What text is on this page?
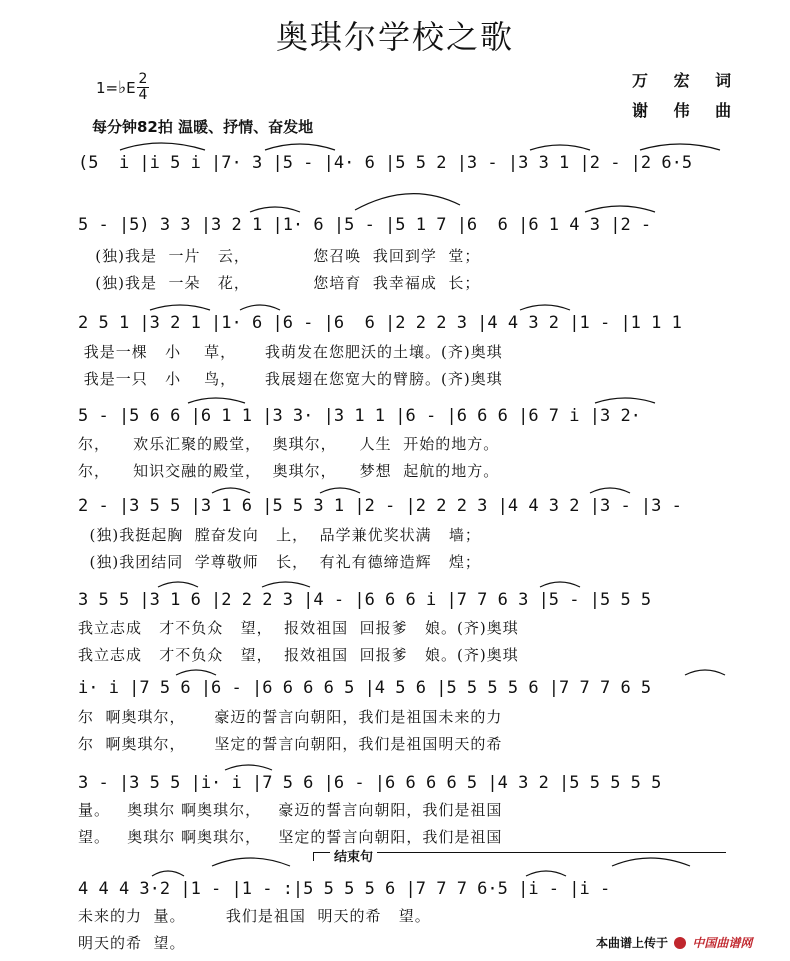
奥琪尔学校之歌
万 宏 词
谢 伟 曲
1=♭E 2
4
每分钟82拍 温暖、抒情、奋发地
(5  i |i 5 i |7· 3 |5 - |4· 6 |5 5 2 |3 - |3 3 1 |2 - |2 6·5
5 - |5) 3 3 |3 2 1 |1· 6 |5 - |5 1 7 |6  6 |6 1 4 3 |2 -
(独)我是  一片   云，           您召唤  我回到学  堂；
(独)我是  一朵   花，           您培育  我幸福成  长；
2 5 1 |3 2 1 |1· 6 |6 - |6  6 |2 2 2 3 |4 4 3 2 |1 - |1 1 1
我是一棵   小    草，     我萌发在您肥沃的土壤。(齐)奥琪
我是一只   小    鸟，     我展翅在您宽大的臂膀。(齐)奥琪
5 - |5 6 6 |6 1 1 |3 3· |3 1 1 |6 - |6 6 6 |6 7 i |3 2·
尔，    欢乐汇聚的殿堂，  奥琪尔，    人生  开始的地方。
尔，    知识交融的殿堂，  奥琪尔，    梦想  起航的地方。
2 - |3 5 5 |3 1 6 |5 5 3 1 |2 - |2 2 2 3 |4 4 3 2 |3 - |3 -
(独)我挺起胸  膛奋发向   上，  品学兼优奖状满   墙；
(独)我团结同  学尊敬师   长，  有礼有德缔造辉   煌；
3 5 5 |3 1 6 |2 2 2 3 |4 - |6 6 6 i |7 7 6 3 |5 - |5 5 5
我立志成   才不负众   望，  报效祖国  回报爹   娘。(齐)奥琪
我立志成   才不负众   望，  报效祖国  回报爹   娘。(齐)奥琪
i· i |7 5 6 |6 - |6 6 6 6 5 |4 5 6 |5 5 5 5 6 |7 7 7 6 5
尔  啊奥琪尔，     豪迈的誓言向朝阳，我们是祖国未来的力
尔  啊奥琪尔，     坚定的誓言向朝阳，我们是祖国明天的希
3 - |3 5 5 |i· i |7 5 6 |6 - |6 6 6 6 5 |4 3 2 |5 5 5 5 5
量。   奥琪尔 啊奥琪尔，   豪迈的誓言向朝阳，我们是祖国
望。   奥琪尔 啊奥琪尔，   坚定的誓言向朝阳，我们是祖国
结束句
4 4 4 3·2 |1 - |1 - :|5 5 5 5 6 |7 7 7 6·5 |i - |i -
未来的力  量。       我们是祖国  明天的希   望。
明天的希  望。	本曲谱上传于 中国曲谱网
